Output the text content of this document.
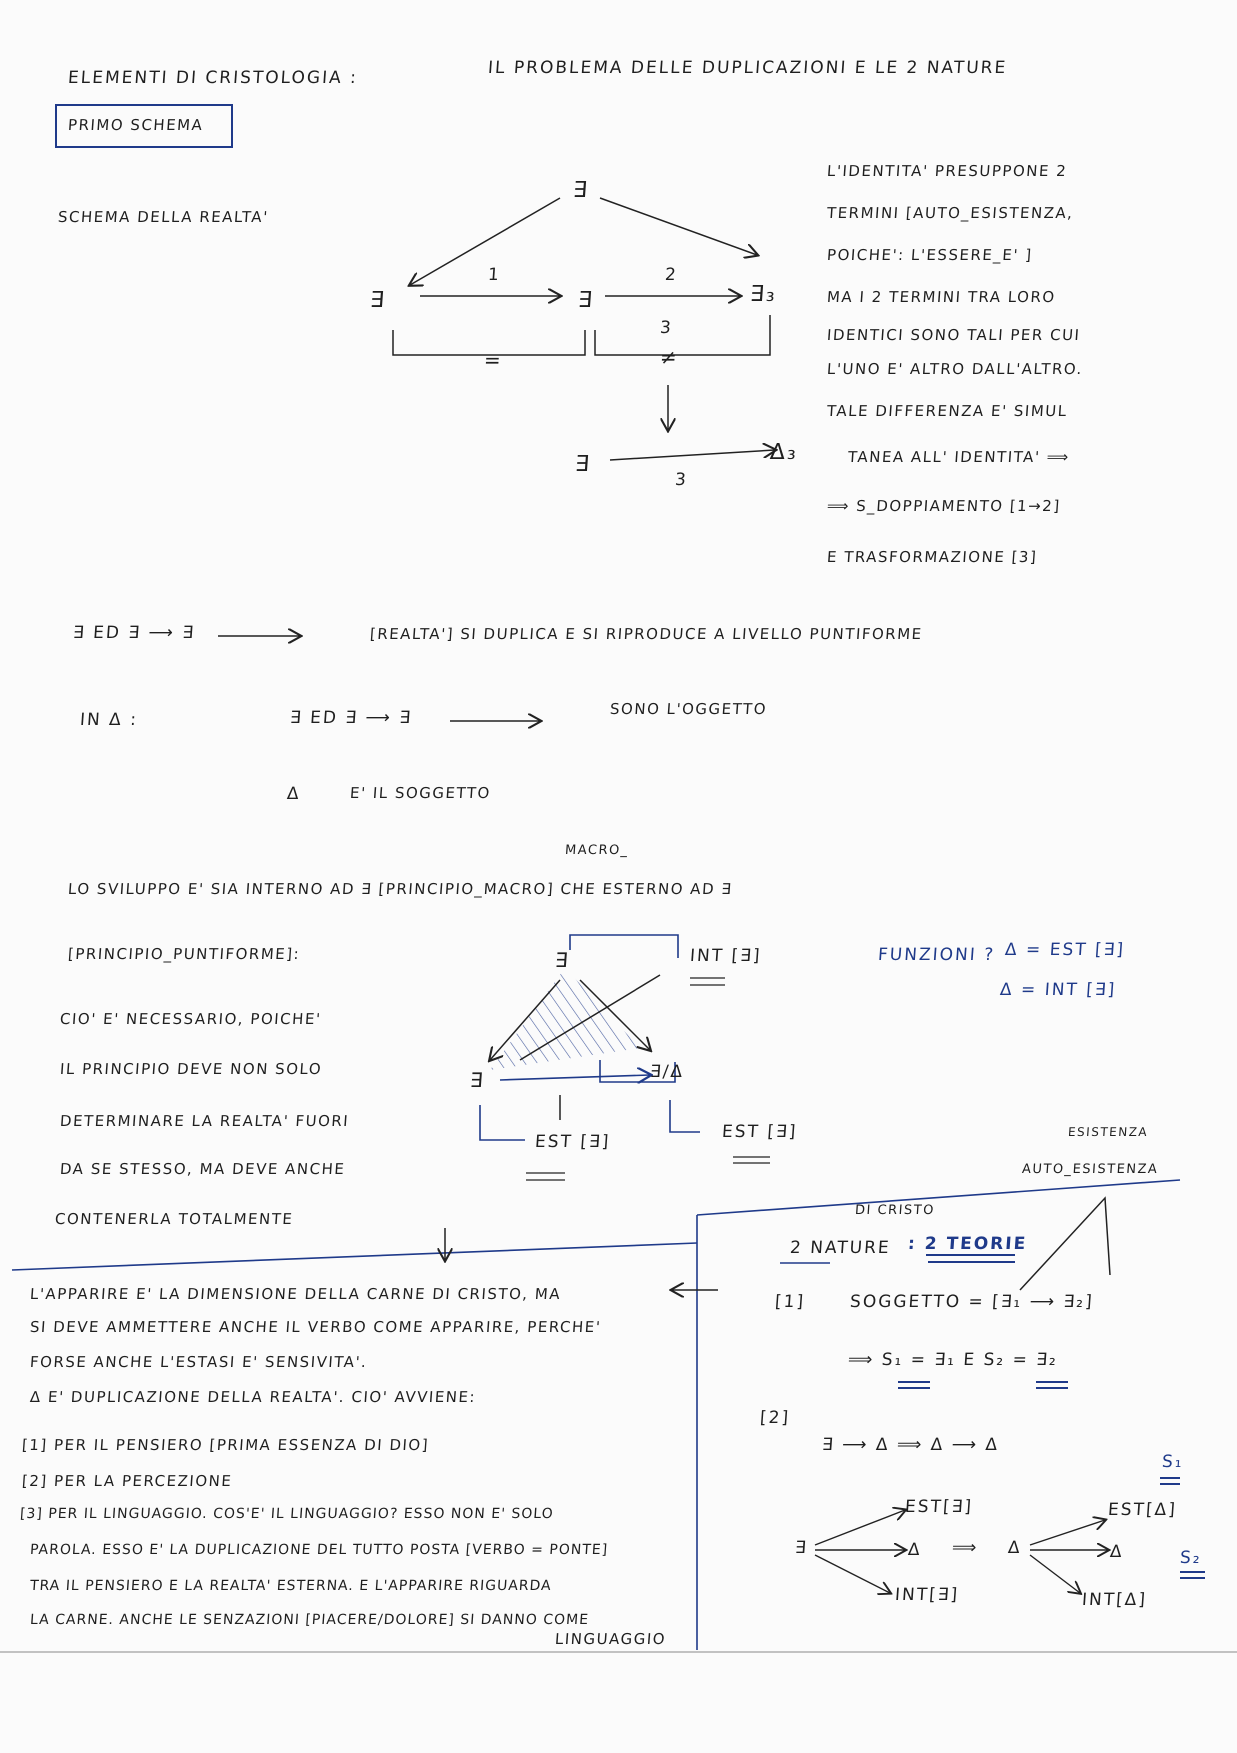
ELEMENTI DI CRISTOLOGIA :	IL PROBLEMA DELLE DUPLICAZIONI E LE 2 NATURE
PRIMO SCHEMA
SCHEMA DELLA REALTA'
∃
∃	∃	∃₃
1	2
=
3
≠
∃	Δ₃
3
L'IDENTITA' PRESUPPONE 2
TERMINI [AUTO_ESISTENZA,
POICHE': L'ESSERE_E' ]
MA I 2 TERMINI TRA LORO
IDENTICI SONO TALI PER CUI
L'UNO E' ALTRO DALL'ALTRO.
TALE DIFFERENZA E' SIMUL
TANEA ALL' IDENTITA' ⟹
⟹ S_DOPPIAMENTO [1→2]
E TRASFORMAZIONE [3]
∃ ED ∃ ⟶ ∃	[REALTA'] SI DUPLICA E SI RIPRODUCE A LIVELLO PUNTIFORME
IN Δ :	∃ ED ∃ ⟶ ∃	SONO L'OGGETTO
Δ	E' IL SOGGETTO
MACRO_
LO SVILUPPO E' SIA INTERNO AD ∃ [PRINCIPIO_MACRO] CHE ESTERNO AD ∃
[PRINCIPIO_PUNTIFORME]:
CIO' E' NECESSARIO, POICHE'
IL PRINCIPIO DEVE NON SOLO
DETERMINARE LA REALTA' FUORI
DA SE STESSO, MA DEVE ANCHE
CONTENERLA TOTALMENTE
∃	INT [∃]
∃	∃/Δ
EST [∃]	EST [∃]
FUNZIONI ? Δ = EST [∃]
Δ = INT [∃]
ESISTENZA
AUTO_ESISTENZA
L'APPARIRE E' LA DIMENSIONE DELLA CARNE DI CRISTO, MA
SI DEVE AMMETTERE ANCHE IL VERBO COME APPARIRE, PERCHE'
FORSE ANCHE L'ESTASI E' SENSIVITA'.
Δ E' DUPLICAZIONE DELLA REALTA'. CIO' AVVIENE:
[1] PER IL PENSIERO [PRIMA ESSENZA DI DIO]
[2] PER LA PERCEZIONE
[3] PER IL LINGUAGGIO. COS'E' IL LINGUAGGIO? ESSO NON E' SOLO
PAROLA. ESSO E' LA DUPLICAZIONE DEL TUTTO POSTA [VERBO = PONTE]
TRA IL PENSIERO E LA REALTA' ESTERNA. E L'APPARIRE RIGUARDA
LA CARNE. ANCHE LE SENZAZIONI [PIACERE/DOLORE] SI DANNO COME
LINGUAGGIO
DI CRISTO
2 NATURE : 2 TEORIE
[1]	SOGGETTO = [∃₁ ⟶ ∃₂]
⟹ S₁ = ∃₁ E S₂ = ∃₂
[2]
∃ ⟶ Δ ⟹ Δ ⟶ Δ
∃
EST[∃]
Δ
INT[∃]
⟹ Δ
EST[Δ]
Δ
INT[Δ]
S₁
S₂
